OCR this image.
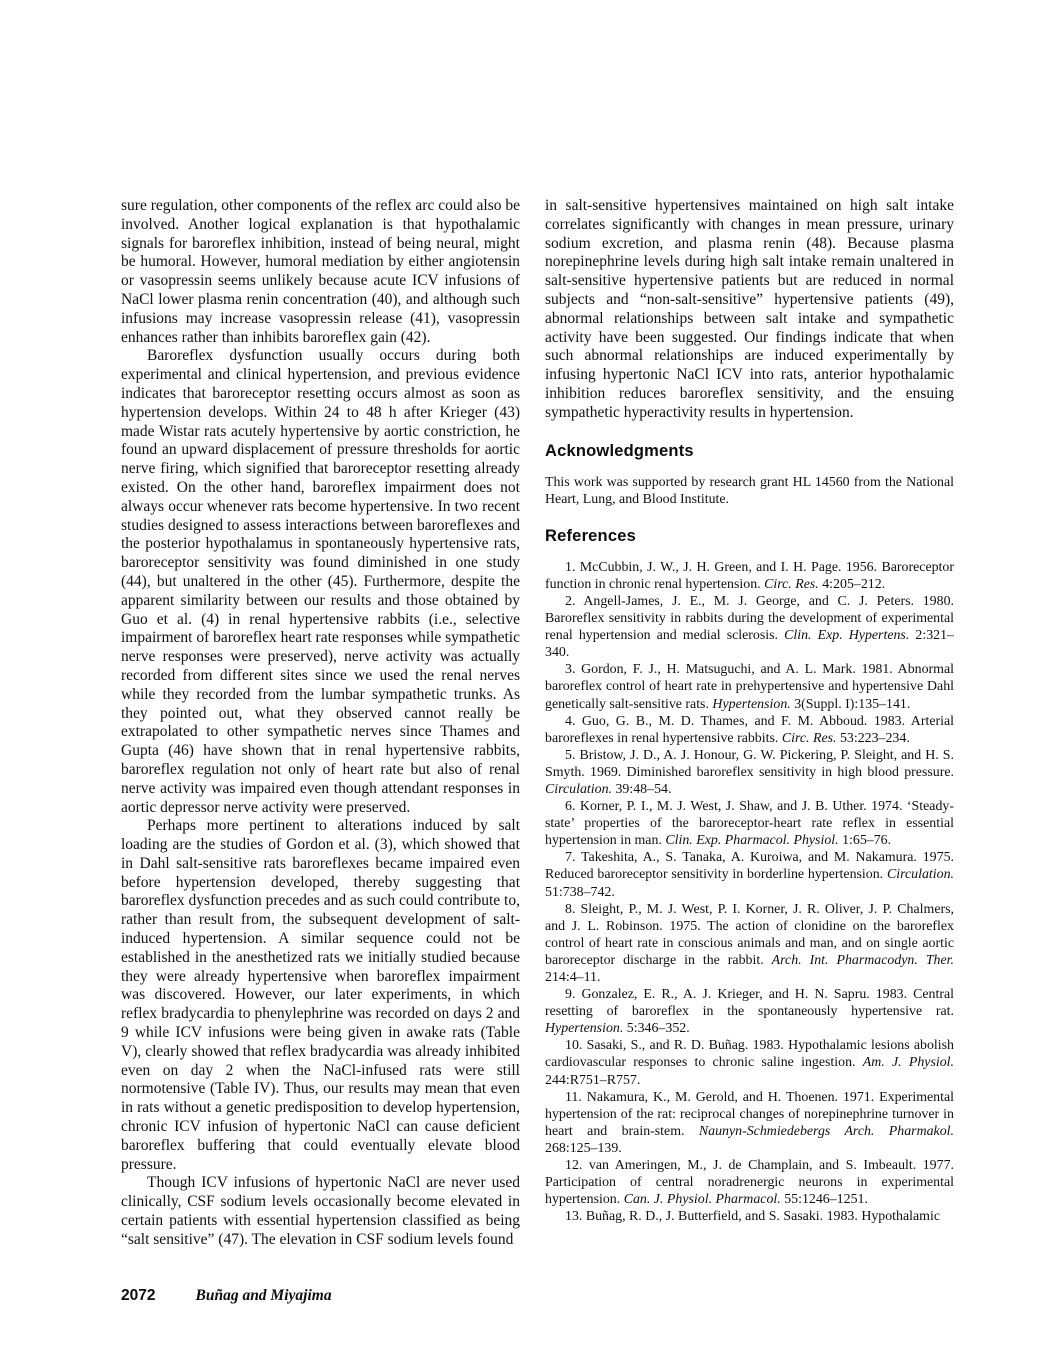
sure regulation, other components of the reflex arc could also be involved. Another logical explanation is that hypothalamic signals for baroreflex inhibition, instead of being neural, might be humoral. However, humoral mediation by either angiotensin or vasopressin seems unlikely because acute ICV infusions of NaCl lower plasma renin concentration (40), and although such infusions may increase vasopressin release (41), vasopressin enhances rather than inhibits baroreflex gain (42).

Baroreflex dysfunction usually occurs during both experimental and clinical hypertension, and previous evidence indicates that baroreceptor resetting occurs almost as soon as hypertension develops. Within 24 to 48 h after Krieger (43) made Wistar rats acutely hypertensive by aortic constriction, he found an upward displacement of pressure thresholds for aortic nerve firing, which signified that baroreceptor resetting already existed. On the other hand, baroreflex impairment does not always occur whenever rats become hypertensive. In two recent studies designed to assess interactions between baroreflexes and the posterior hypothalamus in spontaneously hypertensive rats, baroreceptor sensitivity was found diminished in one study (44), but unaltered in the other (45). Furthermore, despite the apparent similarity between our results and those obtained by Guo et al. (4) in renal hypertensive rabbits (i.e., selective impairment of baroreflex heart rate responses while sympathetic nerve responses were preserved), nerve activity was actually recorded from different sites since we used the renal nerves while they recorded from the lumbar sympathetic trunks. As they pointed out, what they observed cannot really be extrapolated to other sympathetic nerves since Thames and Gupta (46) have shown that in renal hypertensive rabbits, baroreflex regulation not only of heart rate but also of renal nerve activity was impaired even though attendant responses in aortic depressor nerve activity were preserved.

Perhaps more pertinent to alterations induced by salt loading are the studies of Gordon et al. (3), which showed that in Dahl salt-sensitive rats baroreflexes became impaired even before hypertension developed, thereby suggesting that baroreflex dysfunction precedes and as such could contribute to, rather than result from, the subsequent development of salt-induced hypertension. A similar sequence could not be established in the anesthetized rats we initially studied because they were already hypertensive when baroreflex impairment was discovered. However, our later experiments, in which reflex bradycardia to phenylephrine was recorded on days 2 and 9 while ICV infusions were being given in awake rats (Table V), clearly showed that reflex bradycardia was already inhibited even on day 2 when the NaCl-infused rats were still normotensive (Table IV). Thus, our results may mean that even in rats without a genetic predisposition to develop hypertension, chronic ICV infusion of hypertonic NaCl can cause deficient baroreflex buffering that could eventually elevate blood pressure.

Though ICV infusions of hypertonic NaCl are never used clinically, CSF sodium levels occasionally become elevated in certain patients with essential hypertension classified as being “salt sensitive” (47). The elevation in CSF sodium levels found

in salt-sensitive hypertensives maintained on high salt intake correlates significantly with changes in mean pressure, urinary sodium excretion, and plasma renin (48). Because plasma norepinephrine levels during high salt intake remain unaltered in salt-sensitive hypertensive patients but are reduced in normal subjects and “non-salt-sensitive” hypertensive patients (49), abnormal relationships between salt intake and sympathetic activity have been suggested. Our findings indicate that when such abnormal relationships are induced experimentally by infusing hypertonic NaCl ICV into rats, anterior hypothalamic inhibition reduces baroreflex sensitivity, and the ensuing sympathetic hyperactivity results in hypertension.

Acknowledgments

This work was supported by research grant HL 14560 from the National Heart, Lung, and Blood Institute.

References

1. McCubbin, J. W., J. H. Green, and I. H. Page. 1956. Baroreceptor function in chronic renal hypertension. Circ. Res. 4:205–212.

2. Angell-James, J. E., M. J. George, and C. J. Peters. 1980. Baroreflex sensitivity in rabbits during the development of experimental renal hypertension and medial sclerosis. Clin. Exp. Hypertens. 2:321–340.

3. Gordon, F. J., H. Matsuguchi, and A. L. Mark. 1981. Abnormal baroreflex control of heart rate in prehypertensive and hypertensive Dahl genetically salt-sensitive rats. Hypertension. 3(Suppl. I):135–141.

4. Guo, G. B., M. D. Thames, and F. M. Abboud. 1983. Arterial baroreflexes in renal hypertensive rabbits. Circ. Res. 53:223–234.

5. Bristow, J. D., A. J. Honour, G. W. Pickering, P. Sleight, and H. S. Smyth. 1969. Diminished baroreflex sensitivity in high blood pressure. Circulation. 39:48–54.

6. Korner, P. I., M. J. West, J. Shaw, and J. B. Uther. 1974. ‘Steady-state’ properties of the baroreceptor-heart rate reflex in essential hypertension in man. Clin. Exp. Pharmacol. Physiol. 1:65–76.

7. Takeshita, A., S. Tanaka, A. Kuroiwa, and M. Nakamura. 1975. Reduced baroreceptor sensitivity in borderline hypertension. Circulation. 51:738–742.

8. Sleight, P., M. J. West, P. I. Korner, J. R. Oliver, J. P. Chalmers, and J. L. Robinson. 1975. The action of clonidine on the baroreflex control of heart rate in conscious animals and man, and on single aortic baroreceptor discharge in the rabbit. Arch. Int. Pharmacodyn. Ther. 214:4–11.

9. Gonzalez, E. R., A. J. Krieger, and H. N. Sapru. 1983. Central resetting of baroreflex in the spontaneously hypertensive rat. Hypertension. 5:346–352.

10. Sasaki, S., and R. D. Buñag. 1983. Hypothalamic lesions abolish cardiovascular responses to chronic saline ingestion. Am. J. Physiol. 244:R751–R757.

11. Nakamura, K., M. Gerold, and H. Thoenen. 1971. Experimental hypertension of the rat: reciprocal changes of norepinephrine turnover in heart and brain-stem. Naunyn-Schmiedebergs Arch. Pharmakol. 268:125–139.

12. van Ameringen, M., J. de Champlain, and S. Imbeault. 1977. Participation of central noradrenergic neurons in experimental hypertension. Can. J. Physiol. Pharmacol. 55:1246–1251.

13. Buñag, R. D., J. Butterfield, and S. Sasaki. 1983. Hypothalamic

2072	Buñag and Miyajima
